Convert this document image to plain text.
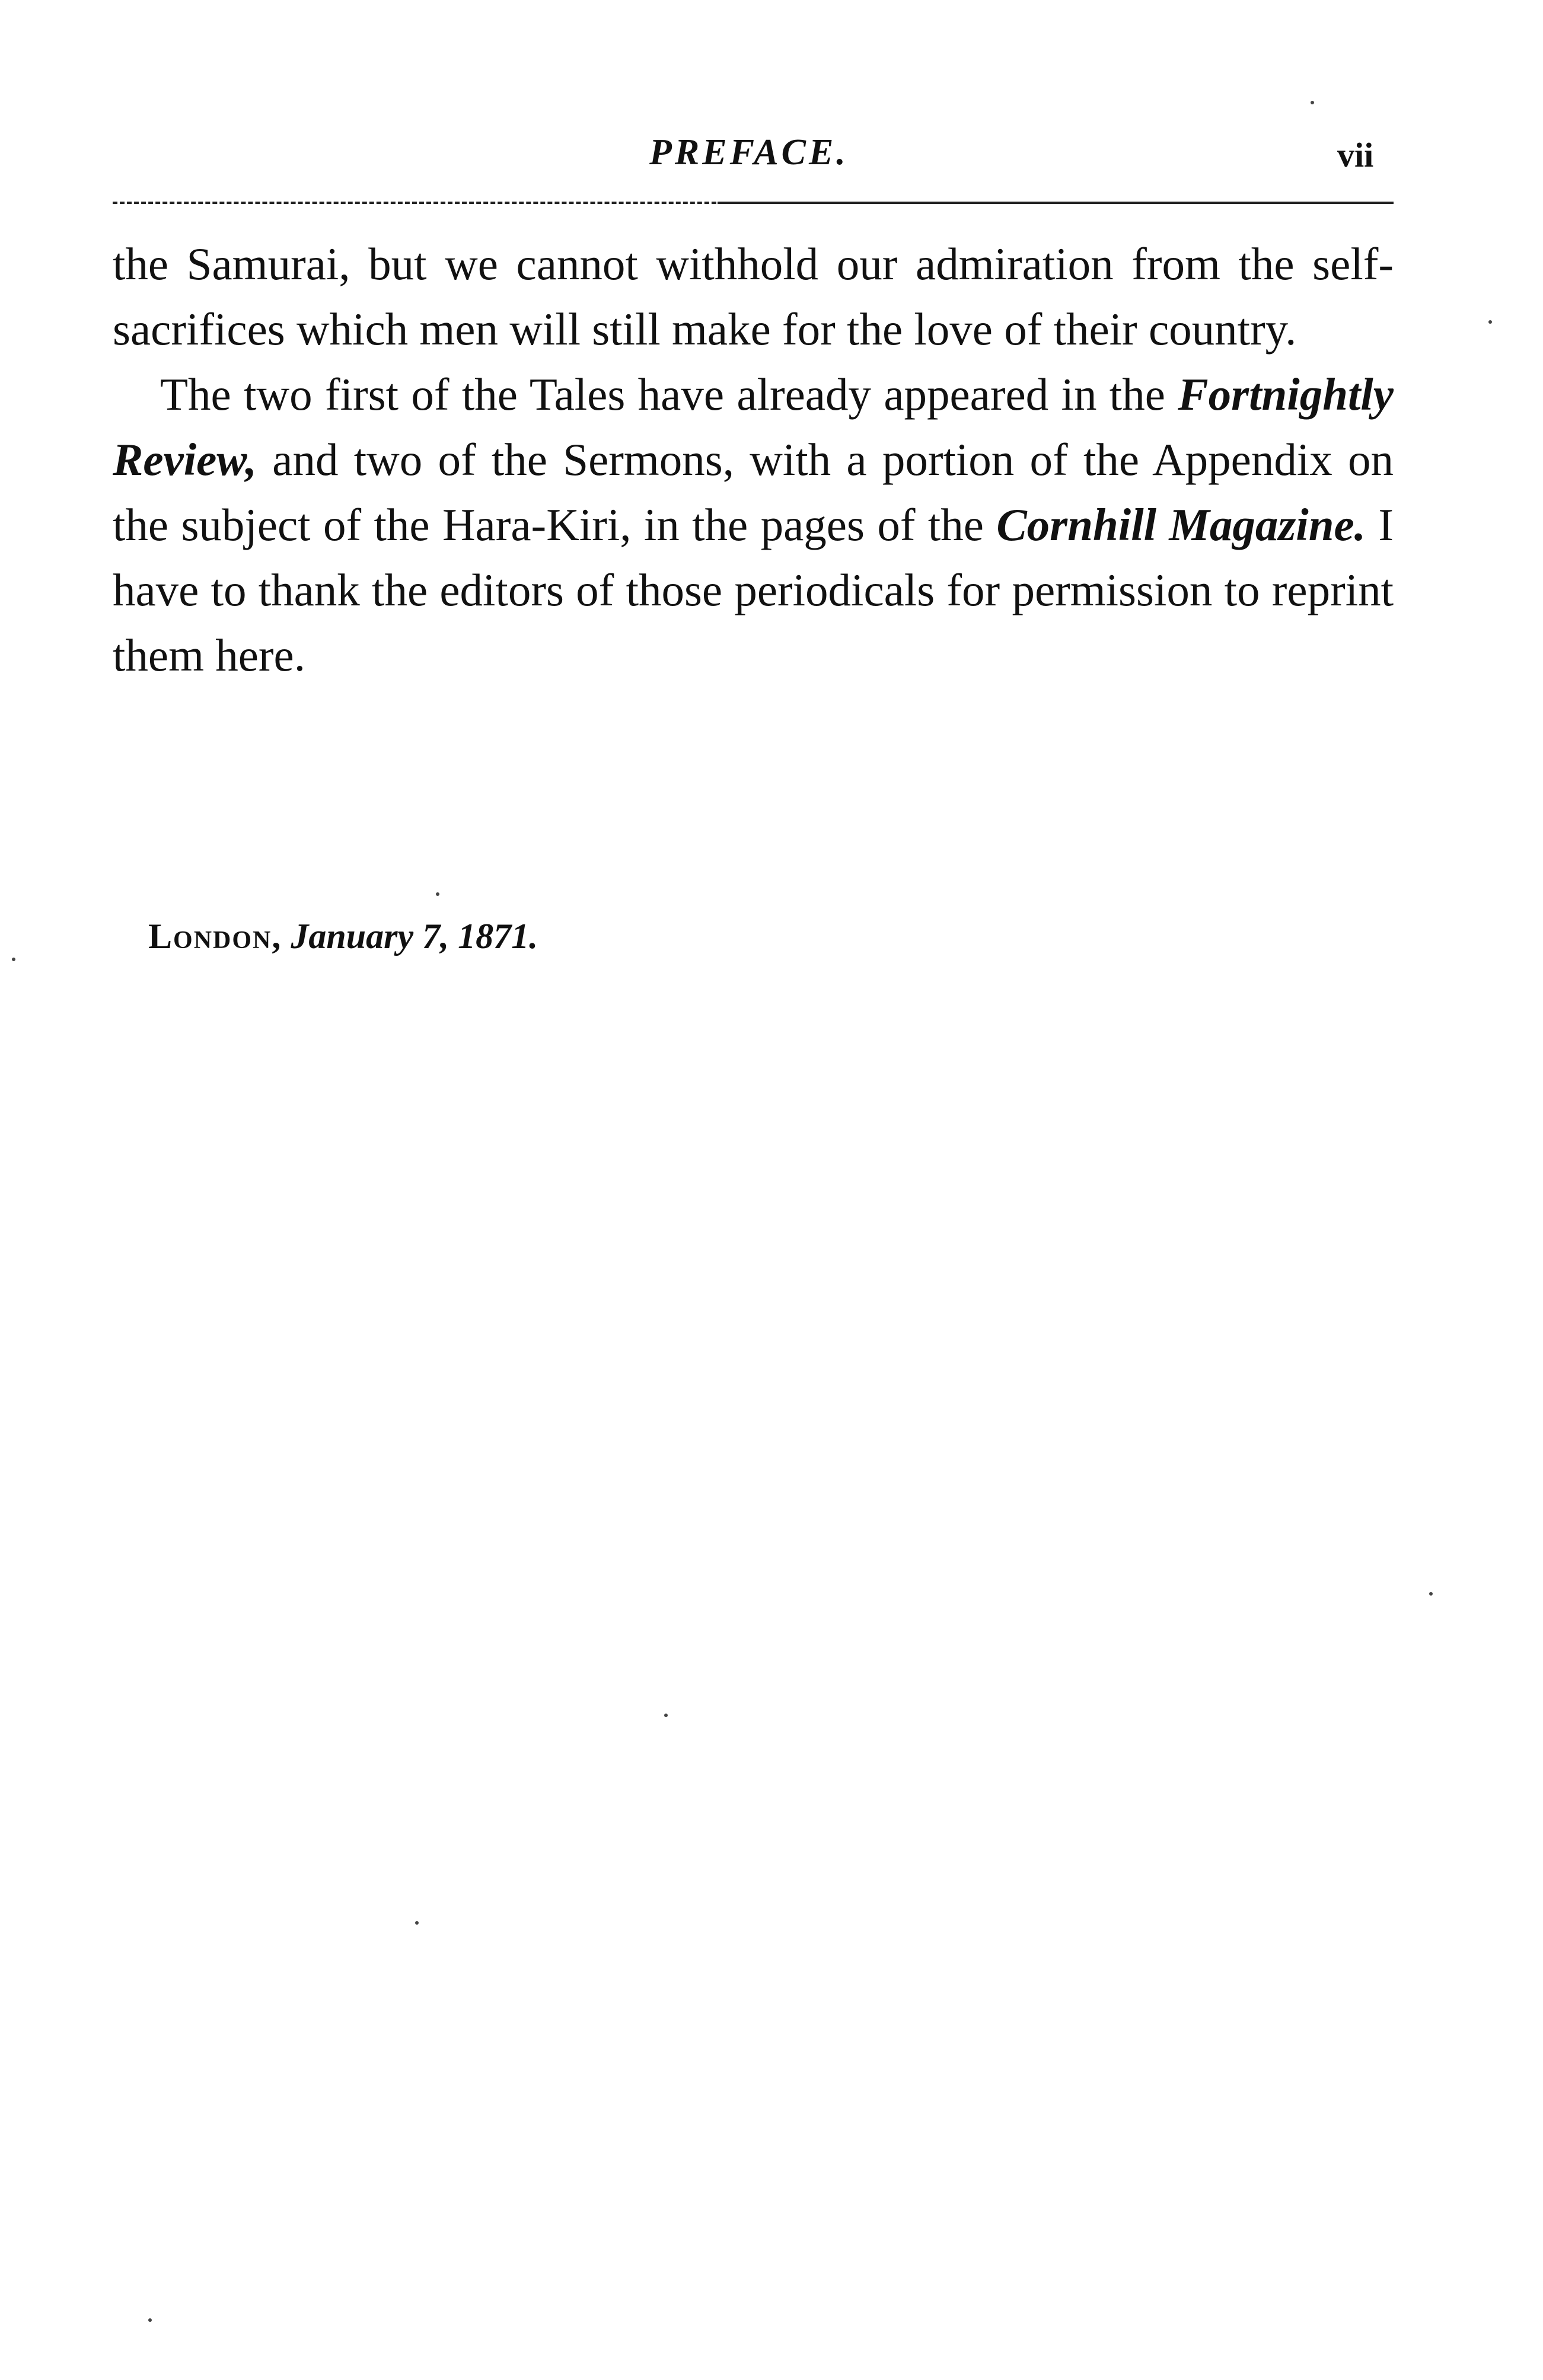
PREFACE.	vii

the Samurai, but we cannot withhold our admiration from the self-sacrifices which men will still make for the love of their country.

The two first of the Tales have already appeared in the Fortnightly Review, and two of the Sermons, with a portion of the Appendix on the subject of the Hara-Kiri, in the pages of the Cornhill Magazine. I have to thank the editors of those periodicals for permission to reprint them here.

London, January 7, 1871.
